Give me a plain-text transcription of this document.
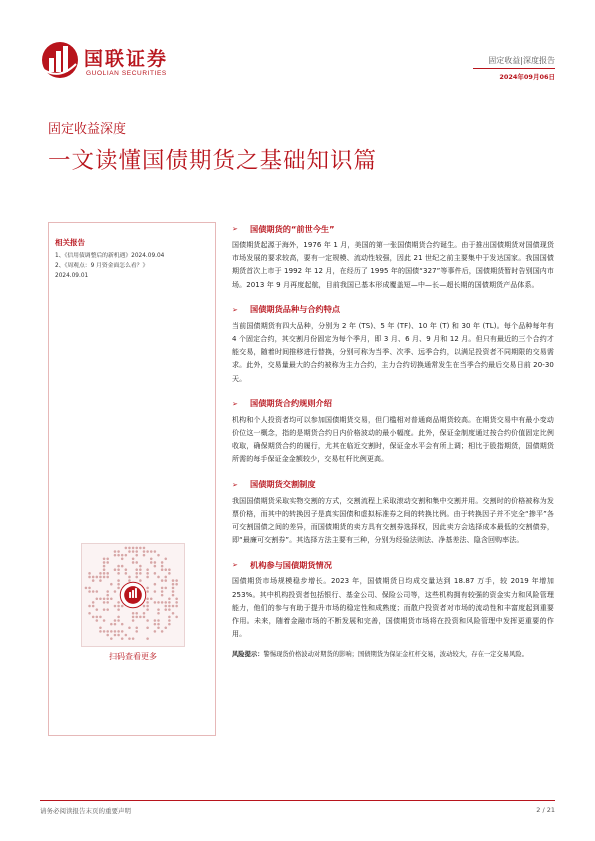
国联证券
GUOLIAN SECURITIES
固定收益|深度报告
2024年09月06日
固定收益深度
一文读懂国债期货之基础知识篇
相关报告
1、《信用债调整后的新机遇》2024.09.04
2、《周观点：9 月资金面怎么看？》
2024.09.01
扫码查看更多
➢	国债期货的“前世今生”
国债期货起源于海外，1976 年 1 月，美国的第一张国债期货合约诞生。由于推出国债期货对国债现货市场发展的要求较高，要有一定规模、流动性较强，因此 21 世纪之前主要集中于发达国家。我国国债期货首次上市于 1992 年 12 月，在经历了 1995 年的国债“327”等事件后，国债期货暂时告别国内市场。2013 年 9 月再度起航，目前我国已基本形成覆盖短—中—长—超长期的国债期货产品体系。
➢	国债期货品种与合约特点
当前国债期货有四大品种，分别为 2 年 (TS)、5 年 (TF)、10 年 (T) 和 30 年 (TL)。每个品种每年有 4 个固定合约，其交割月份固定为每个季月，即 3 月、6 月、9 月和 12 月。但只有最近的三个合约才能交易，随着时间推移进行替换，分别可称为当季、次季、远季合约，以满足投资者不同期限的交易需求。此外，交易量最大的合约被称为主力合约，主力合约切换通常发生在当季合约最后交易日前 20-30 天。
➢	国债期货合约规则介绍
机构和个人投资者均可以参加国债期货交易，但门槛相对普通商品期货较高。在期货交易中有最小变动价位这一概念，指的是期货合约日内价格波动的最小幅度。此外，保证金制度通过按合约价值固定比例收取，确保期货合约的履行，尤其在临近交割时，保证金水平会有所上调；相比于股指期货，国债期货所需的每手保证金金额较少，交易杠杆比例更高。
➢	国债期货交割制度
我国国债期货采取实物交割的方式，交割流程上采取滚动交割和集中交割并用。交割时的价格被称为发票价格，而其中的转换因子是真实国债和虚拟标准券之间的转换比例。由于转换因子并不完全“掺平”各可交割国债之间的差异，而国债期货的卖方具有交割券选择权，因此卖方会选择成本最低的交割债券，即“最廉可交割券”。其选择方法主要有三种，分别为经验法则法、净基差法、隐含回购率法。
➢	机构参与国债期货情况
国债期货市场规模稳步增长。2023 年，国债期货日均成交量达到 18.87 万手，较 2019 年增加 253%。其中机构投资者包括银行、基金公司、保险公司等，这些机构拥有较强的资金实力和风险管理能力，他们的参与有助于提升市场的稳定性和成熟度；而散户投资者对市场的流动性和丰富度起到重要作用。未来，随着金融市场的不断发展和完善，国债期货市场将在投资和风险管理中发挥更重要的作用。
风险提示：警惕现货价格波动对期货的影响；国债期货为保证金杠杆交易，波动较大，存在一定交易风险。
请务必阅读报告末页的重要声明	2 / 21
